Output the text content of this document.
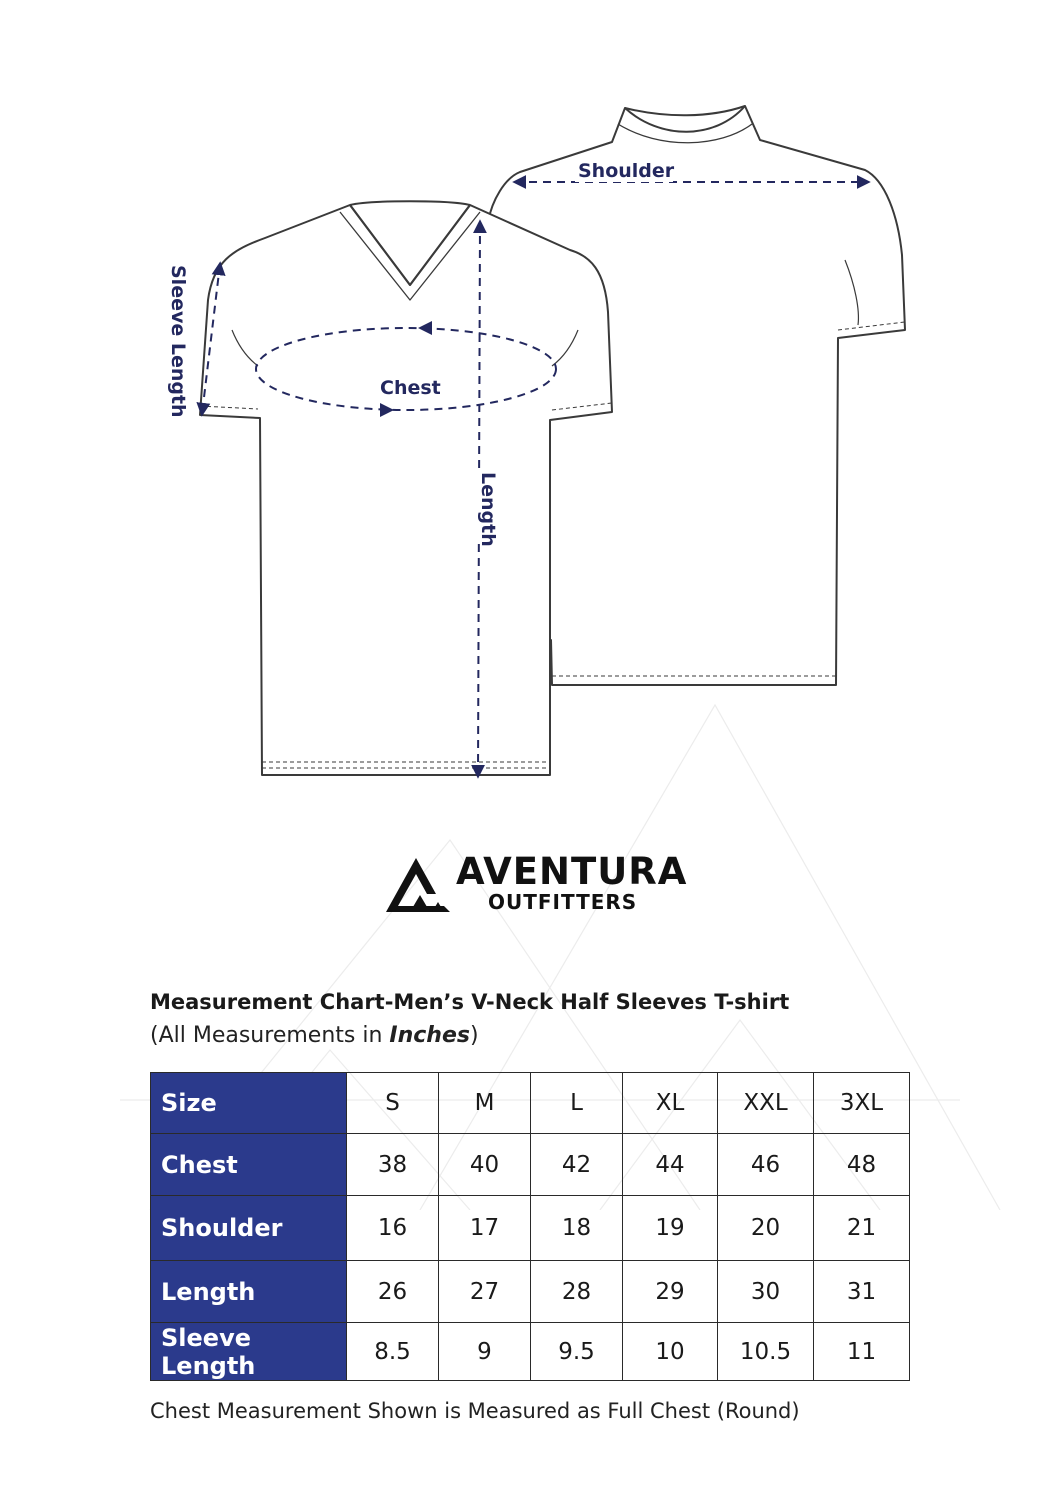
Shoulder
Chest
Sleeve Length
Length
AVENTURA
OUTFITTERS
Measurement Chart-Men’s V-Neck Half Sleeves T-shirt
(All Measurements in Inches)
Size	S	M	L	XL	XXL	3XL
Chest	38	40	42	44	46	48
Shoulder	16	17	18	19	20	21
Length	26	27	28	29	30	31
Sleeve Length	8.5	9	9.5	10	10.5	11
Chest Measurement Shown is Measured as Full Chest (Round)
